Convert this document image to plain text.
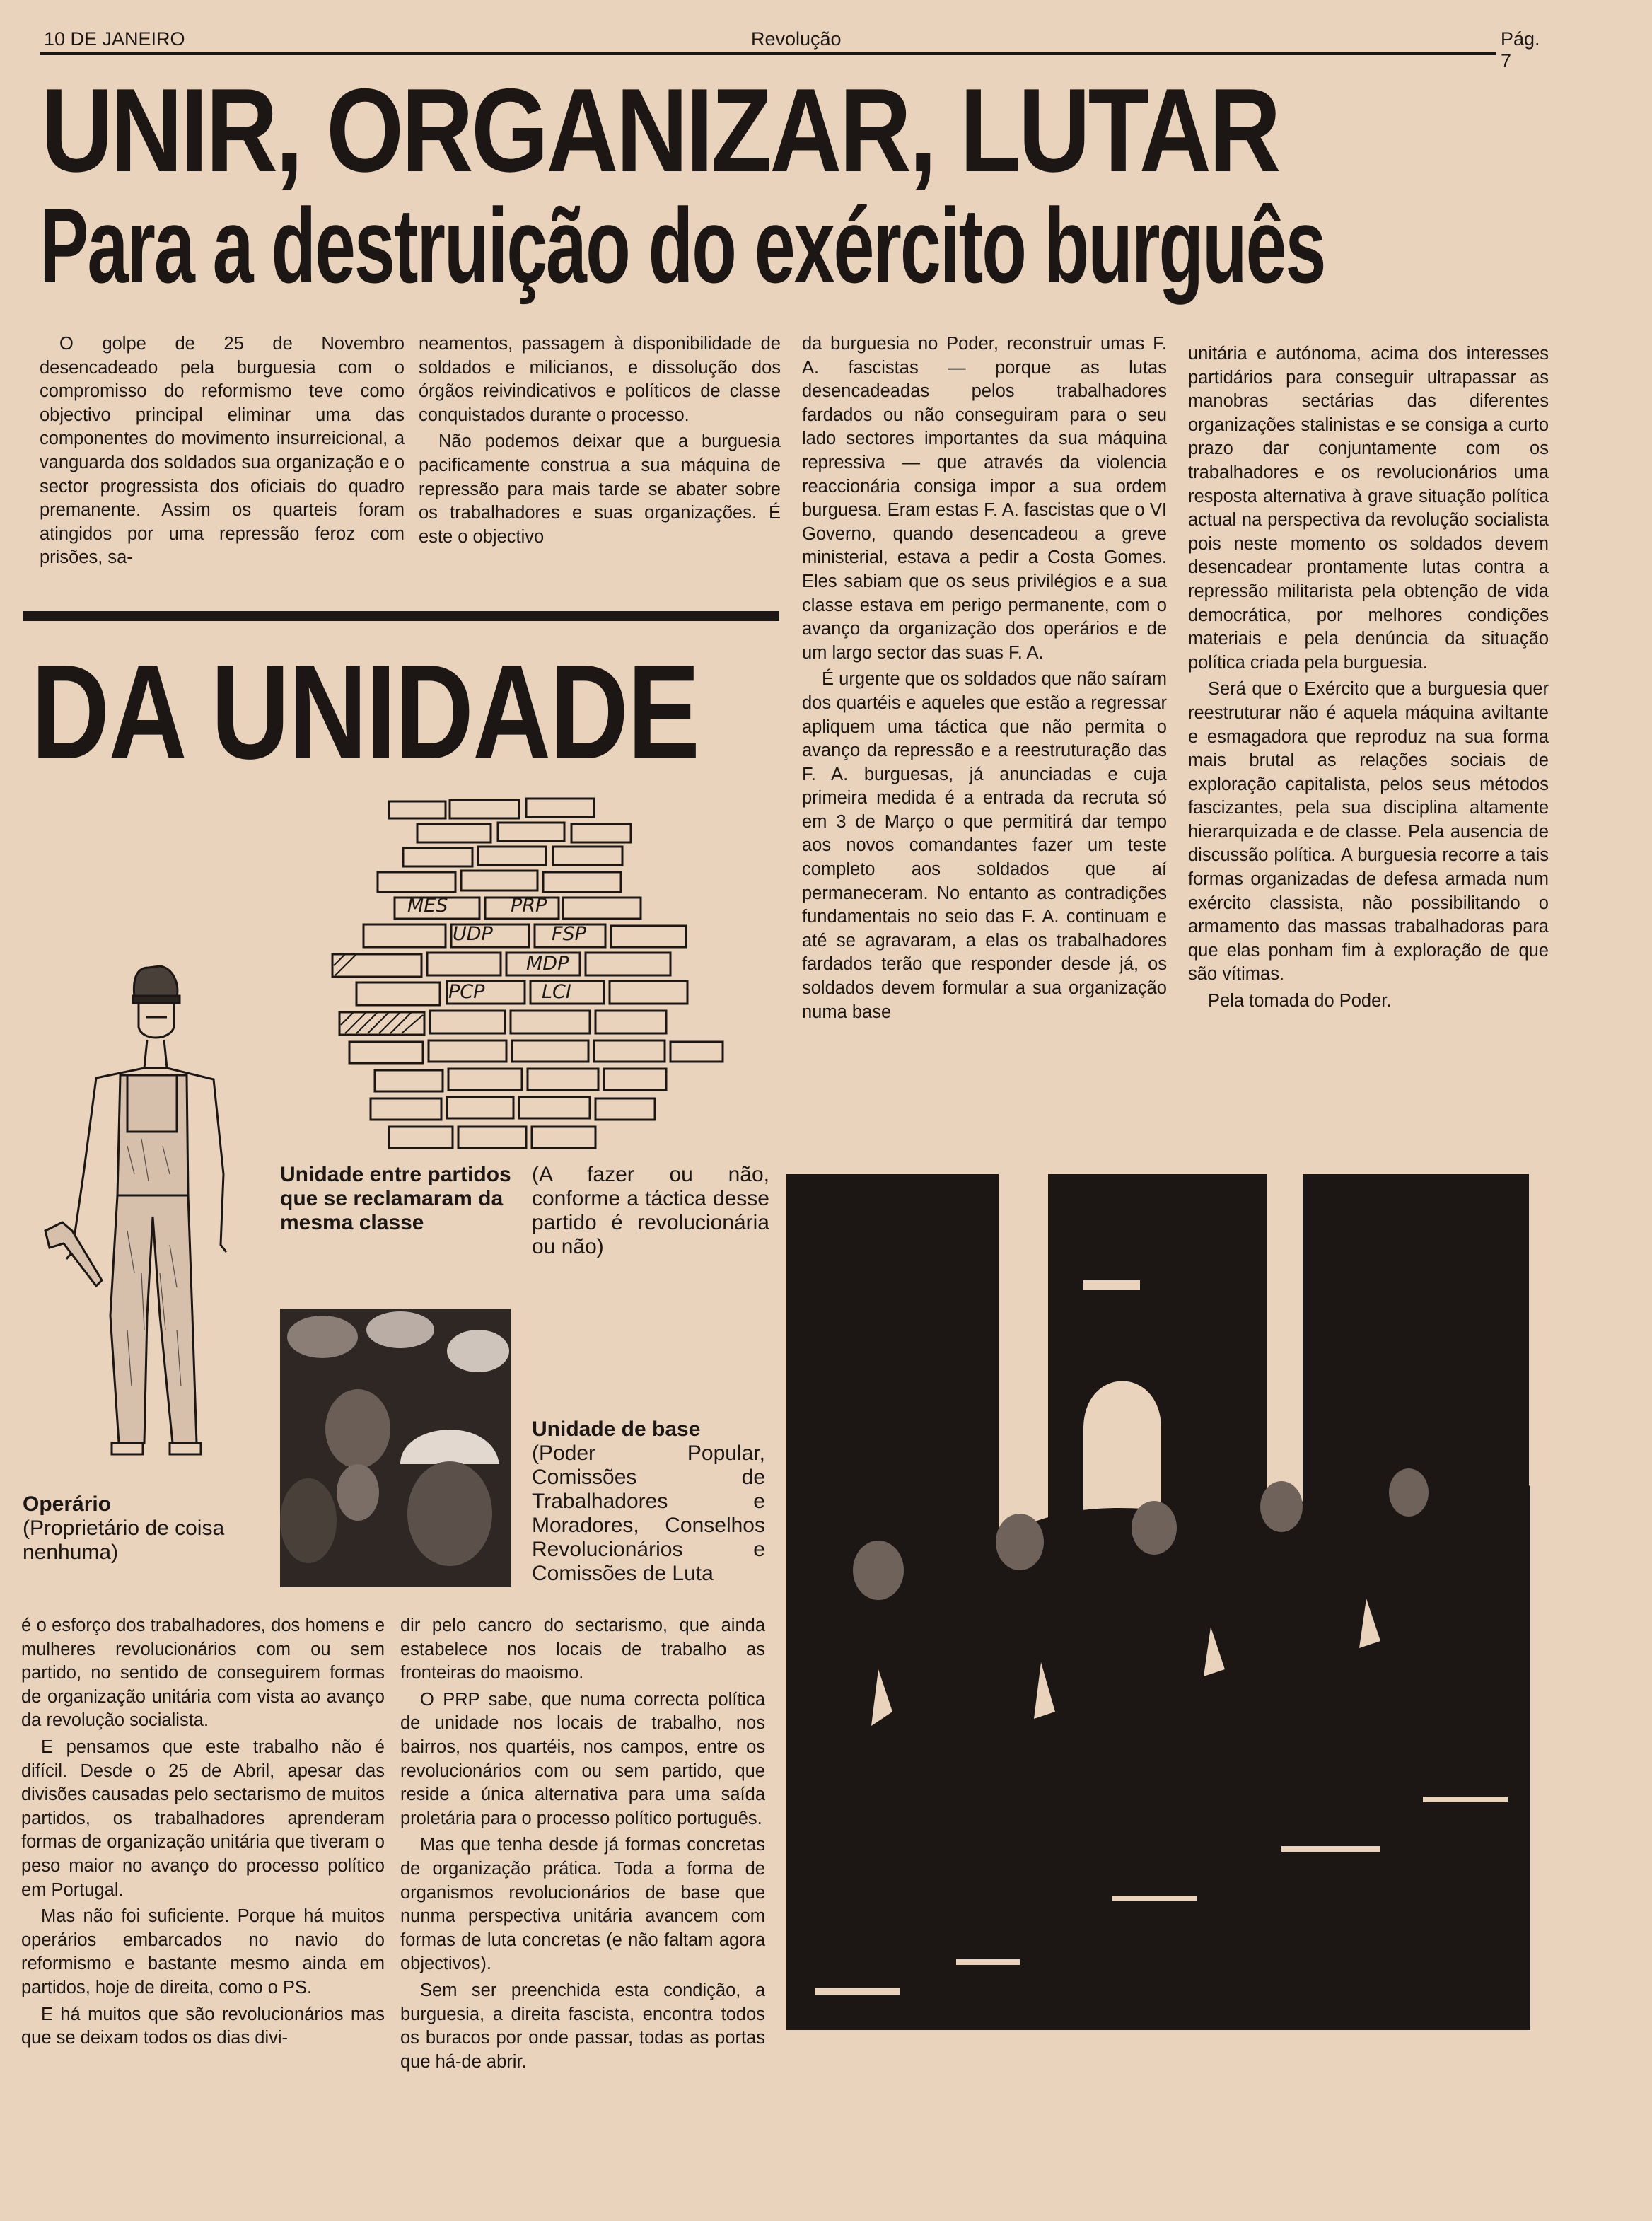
10 DE JANEIRO	Revolução	Pág. 7
UNIR, ORGANIZAR, LUTAR
Para a destruição do exército burguês

O golpe de 25 de Novembro desencadeado pela burguesia com o compromisso do reformismo teve como objectivo principal eliminar uma das componentes do movimento insurreicional, a vanguarda dos soldados sua organização e o sector progressista dos oficiais do quadro premanente. Assim os quarteis foram atingidos por uma repressão feroz com prisões, sa-

neamentos, passagem à disponibilidade de soldados e milicianos, e dissolução dos órgãos reivindicativos e políticos de classe conquistados durante o processo.

Não podemos deixar que a burguesia pacificamente construa a sua máquina de repressão para mais tarde se abater sobre os trabalhadores e suas organizações. É este o objectivo

da burguesia no Poder, reconstruir umas F. A. fascistas — porque as lutas desencadeadas pelos trabalhadores fardados ou não conseguiram para o seu lado sectores importantes da sua máquina repressiva — que através da violencia reaccionária consiga impor a sua ordem burguesa. Eram estas F. A. fascistas que o VI Governo, quando desencadeou a greve ministerial, estava a pedir a Costa Gomes. Eles sabiam que os seus privilégios e a sua classe estava em perigo permanente, com o avanço da organização dos operários e de um largo sector das suas F. A.

É urgente que os soldados que não saíram dos quartéis e aqueles que estão a regressar apliquem uma táctica que não permita o avanço da repressão e a reestruturação das F. A. burguesas, já anunciadas e cuja primeira medida é a entrada da recruta só em 3 de Março o que permitirá dar tempo aos novos comandantes fazer um teste completo aos soldados que aí permaneceram. No entanto as contradições fundamentais no seio das F. A. continuam e até se agravaram, a elas os trabalhadores fardados terão que responder desde já, os soldados devem formular a sua organização numa base

unitária e autónoma, acima dos interesses partidários para conseguir ultrapassar as manobras sectárias das diferentes organizações stalinistas e se consiga a curto prazo dar conjuntamente com os trabalhadores e os revolucionários uma resposta alternativa à grave situação política actual na perspectiva da revolução socialista pois neste momento os soldados devem desencadear prontamente lutas contra a repressão militarista pela obtenção de vida democrática, por melhores condições materiais e pela denúncia da situação política criada pela burguesia.

Será que o Exército que a burguesia quer reestruturar não é aquela máquina aviltante e esmagadora que reproduz na sua forma mais brutal as relações sociais de exploração capitalista, pelos seus métodos fascizantes, pela sua disciplina altamente hierarquizada e de classe. Pela ausencia de discussão política. A burguesia recorre a tais formas organizadas de defesa armada num exército classista, não possibilitando o armamento das massas trabalhadoras para que elas ponham fim à exploração de que são vítimas.

Pela tomada do Poder.

DA UNIDADE
MES	PRP
UDP	FSP
MDP
PCP	LCI
Unidade entre partidos que se reclamaram da mesma classe
(A fazer ou não, conforme a táctica desse partido é revolucionária ou não)
Operário
(Proprietário de coisa nenhuma)
Unidade de base
(Poder Popular, Comissões de Trabalhadores e Moradores, Conselhos Revolucionários e Comissões de Luta

é o esforço dos trabalhadores, dos homens e mulheres revolucionários com ou sem partido, no sentido de conseguirem formas de organização unitária com vista ao avanço da revolução socialista.

E pensamos que este trabalho não é difícil. Desde o 25 de Abril, apesar das divisões causadas pelo sectarismo de muitos partidos, os trabalhadores aprenderam formas de organização unitária que tiveram o peso maior no avanço do processo político em Portugal.

Mas não foi suficiente. Porque há muitos operários embarcados no navio do reformismo e bastante mesmo ainda em partidos, hoje de direita, como o PS.

E há muitos que são revolucionários mas que se deixam todos os dias divi-

dir pelo cancro do sectarismo, que ainda estabelece nos locais de trabalho as fronteiras do maoismo.

O PRP sabe, que numa correcta política de unidade nos locais de trabalho, nos bairros, nos quartéis, nos campos, entre os revolucionários com ou sem partido, que reside a única alternativa para uma saída proletária para o processo político português.

Mas que tenha desde já formas concretas de organização prática. Toda a forma de organismos revolucionários de base que nunma perspectiva unitária avancem com formas de luta concretas (e não faltam agora objectivos).

Sem ser preenchida esta condição, a burguesia, a direita fascista, encontra todos os buracos por onde passar, todas as portas que há-de abrir.
